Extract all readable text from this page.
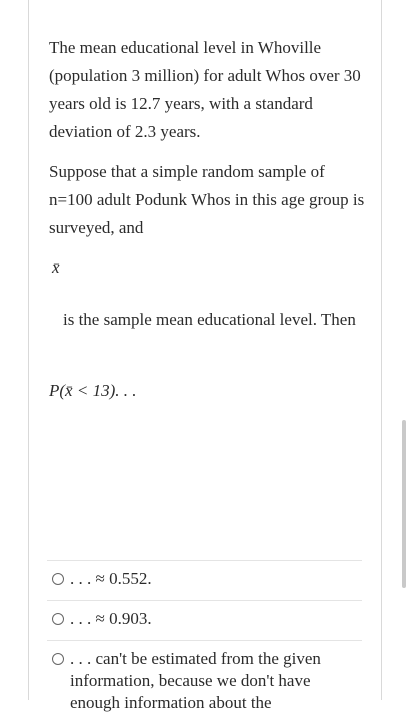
The mean educational level in Whoville (population 3 million) for adult Whos over 30 years old is 12.7 years, with a standard deviation of 2.3 years.

Suppose that a simple random sample of n=100 adult Podunk Whos in this age group is surveyed, and

x̄

is the sample mean educational level. Then

P(x̄ < 13). . .
. . . ≈ 0.552.
. . . ≈ 0.903.
. . . can't be estimated from the given information, because we don't have enough information about the
